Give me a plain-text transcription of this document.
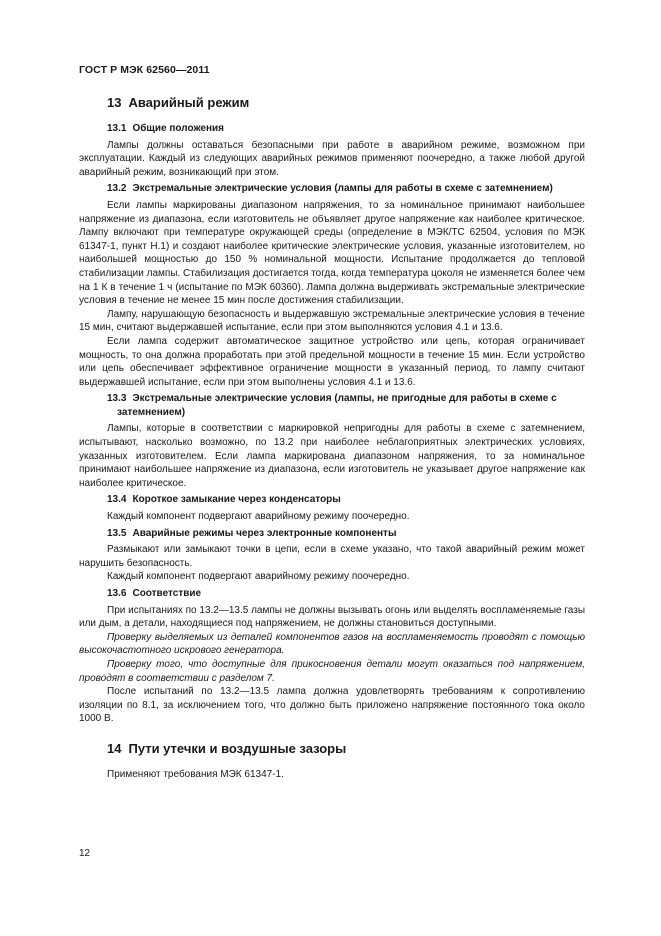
ГОСТ Р МЭК 62560—2011
13 Аварийный режим
13.1 Общие положения

Лампы должны оставаться безопасными при работе в аварийном режиме, возможном при эксплуатации. Каждый из следующих аварийных режимов применяют поочередно, а также любой другой аварийный режим, возникающий при этом.

13.2 Экстремальные электрические условия (лампы для работы в схеме с затемнением)

Если лампы маркированы диапазоном напряжения, то за номинальное принимают наибольшее напряжение из диапазона, если изготовитель не объявляет другое напряжение как наиболее критическое. Лампу включают при температуре окружающей среды (определение в МЭК/ТС 62504, условия по МЭК 61347-1, пункт H.1) и создают наиболее критические электрические условия, указанные изготовителем, но наибольшей мощностью до 150 % номинальной мощности. Испытание продолжается до тепловой стабилизации лампы. Стабилизация достигается тогда, когда температура цоколя не изменяется более чем на 1 К в течение 1 ч (испытание по МЭК 60360). Лампа должна выдерживать экстремальные электрические условия в течение не менее 15 мин после достижения стабилизации.

Лампу, нарушающую безопасность и выдержавшую экстремальные электрические условия в течение 15 мин, считают выдержавшей испытание, если при этом выполняются условия 4.1 и 13.6.

Если лампа содержит автоматическое защитное устройство или цепь, которая ограничивает мощность, то она должна проработать при этой предельной мощности в течение 15 мин. Если устройство или цепь обеспечивает эффективное ограничение мощности в указанный период, то лампу считают выдержавшей испытание, если при этом выполнены условия 4.1 и 13.6.

13.3 Экстремальные электрические условия (лампы, не пригодные для работы в схеме с затемнением)

Лампы, которые в соответствии с маркировкой непригодны для работы в схеме с затемнением, испытывают, насколько возможно, по 13.2 при наиболее неблагоприятных электрических условиях, указанных изготовителем. Если лампа маркирована диапазоном напряжения, то за номинальное принимают наибольшее напряжение из диапазона, если изготовитель не указывает другое напряжение как наиболее критическое.

13.4 Короткое замыкание через конденсаторы

Каждый компонент подвергают аварийному режиму поочередно.

13.5 Аварийные режимы через электронные компоненты

Размыкают или замыкают точки в цепи, если в схеме указано, что такой аварийный режим может нарушить безопасность.

Каждый компонент подвергают аварийному режиму поочередно.

13.6 Соответствие

При испытаниях по 13.2—13.5 лампы не должны вызывать огонь или выделять воспламеняемые газы или дым, а детали, находящиеся под напряжением, не должны становиться доступными.

Проверку выделяемых из деталей компонентов газов на воспламеняемость проводят с помощью высокочастотного искрового генератора.

Проверку того, что доступные для прикосновения детали могут оказаться под напряжением, проводят в соответствии с разделом 7.

После испытаний по 13.2—13.5 лампа должна удовлетворять требованиям к сопротивлению изоляции по 8.1, за исключением того, что должно быть приложено напряжение постоянного тока около 1000 В.

14 Пути утечки и воздушные зазоры

Применяют требования МЭК 61347-1.

12
